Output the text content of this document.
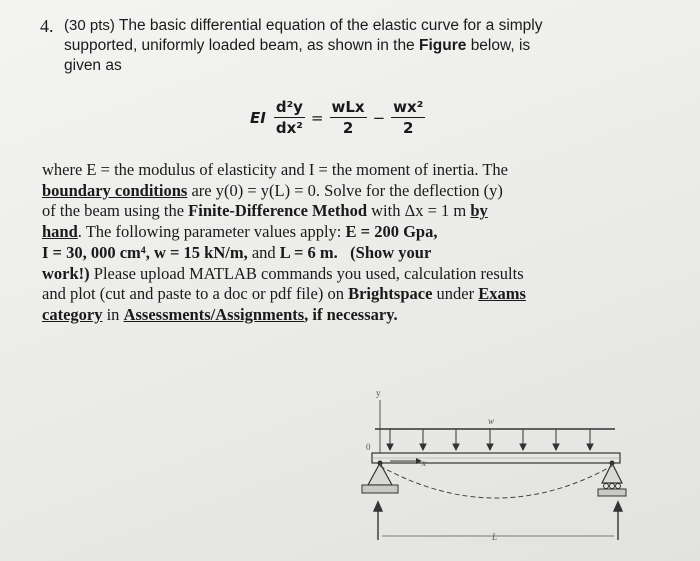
4. (30 pts) The basic differential equation of the elastic curve for a simply
supported, uniformly loaded beam, as shown in the Figure below, is
given as
EI $\frac{\text{d²y}}{\text{dx²}} = \frac{\text{wLx}}{2} - \frac{\text{wx²}}{2}$
where E = the modulus of elasticity and I = the moment of inertia. The
boundary conditions are y(0) = y(L) = 0. Solve for the deflection (y)
of the beam using the Finite-Difference Method with Δx = 1 m by
hand. The following parameter values apply: E = 200 Gpa,
I = 30, 000 cm⁴, w = 15 kN/m, and L = 6 m.   (Show your
work!) Please upload MATLAB commands you used, calculation results
and plot (cut and paste to a doc or pdf file) on Brightspace under Exams
category in Assessments/Assignments, if necessary.
y
w
0
x
L
